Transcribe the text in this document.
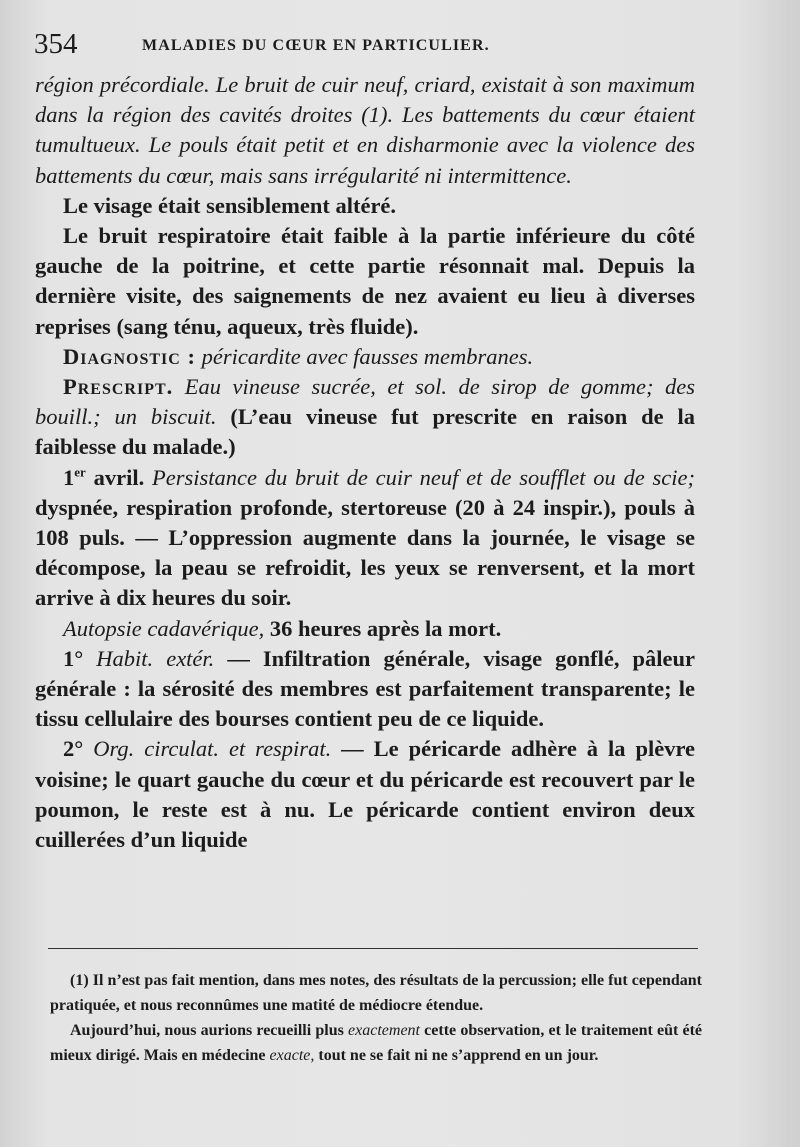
354	MALADIES DU CŒUR EN PARTICULIER.

région précordiale. Le bruit de cuir neuf, criard, existait à son maximum dans la région des cavités droites (1). Les battements du cœur étaient tumultueux. Le pouls était petit et en disharmonie avec la violence des battements du cœur, mais sans irrégularité ni intermittence.

Le visage était sensiblement altéré.

Le bruit respiratoire était faible à la partie inférieure du côté gauche de la poitrine, et cette partie résonnait mal. Depuis la dernière visite, des saignements de nez avaient eu lieu à diverses reprises (sang ténu, aqueux, très fluide).

Diagnostic : péricardite avec fausses membranes.

Prescript. Eau vineuse sucrée, et sol. de sirop de gomme; des bouill.; un biscuit. (L’eau vineuse fut prescrite en raison de la faiblesse du malade.)

1er avril. Persistance du bruit de cuir neuf et de soufflet ou de scie; dyspnée, respiration profonde, stertoreuse (20 à 24 inspir.), pouls à 108 puls. — L’oppression augmente dans la journée, le visage se décompose, la peau se refroidit, les yeux se renversent, et la mort arrive à dix heures du soir.

Autopsie cadavérique, 36 heures après la mort.

1° Habit. extér. — Infiltration générale, visage gonflé, pâleur générale : la sérosité des membres est parfaitement transparente; le tissu cellulaire des bourses contient peu de ce liquide.

2° Org. circulat. et respirat. — Le péricarde adhère à la plèvre voisine; le quart gauche du cœur et du péricarde est recouvert par le poumon, le reste est à nu. Le péricarde contient environ deux cuillerées d’un liquide

(1) Il n’est pas fait mention, dans mes notes, des résultats de la percussion; elle fut cependant pratiquée, et nous reconnûmes une matité de médiocre étendue.

Aujourd’hui, nous aurions recueilli plus exactement cette observation, et le traitement eût été mieux dirigé. Mais en médecine exacte, tout ne se fait ni ne s’apprend en un jour.
